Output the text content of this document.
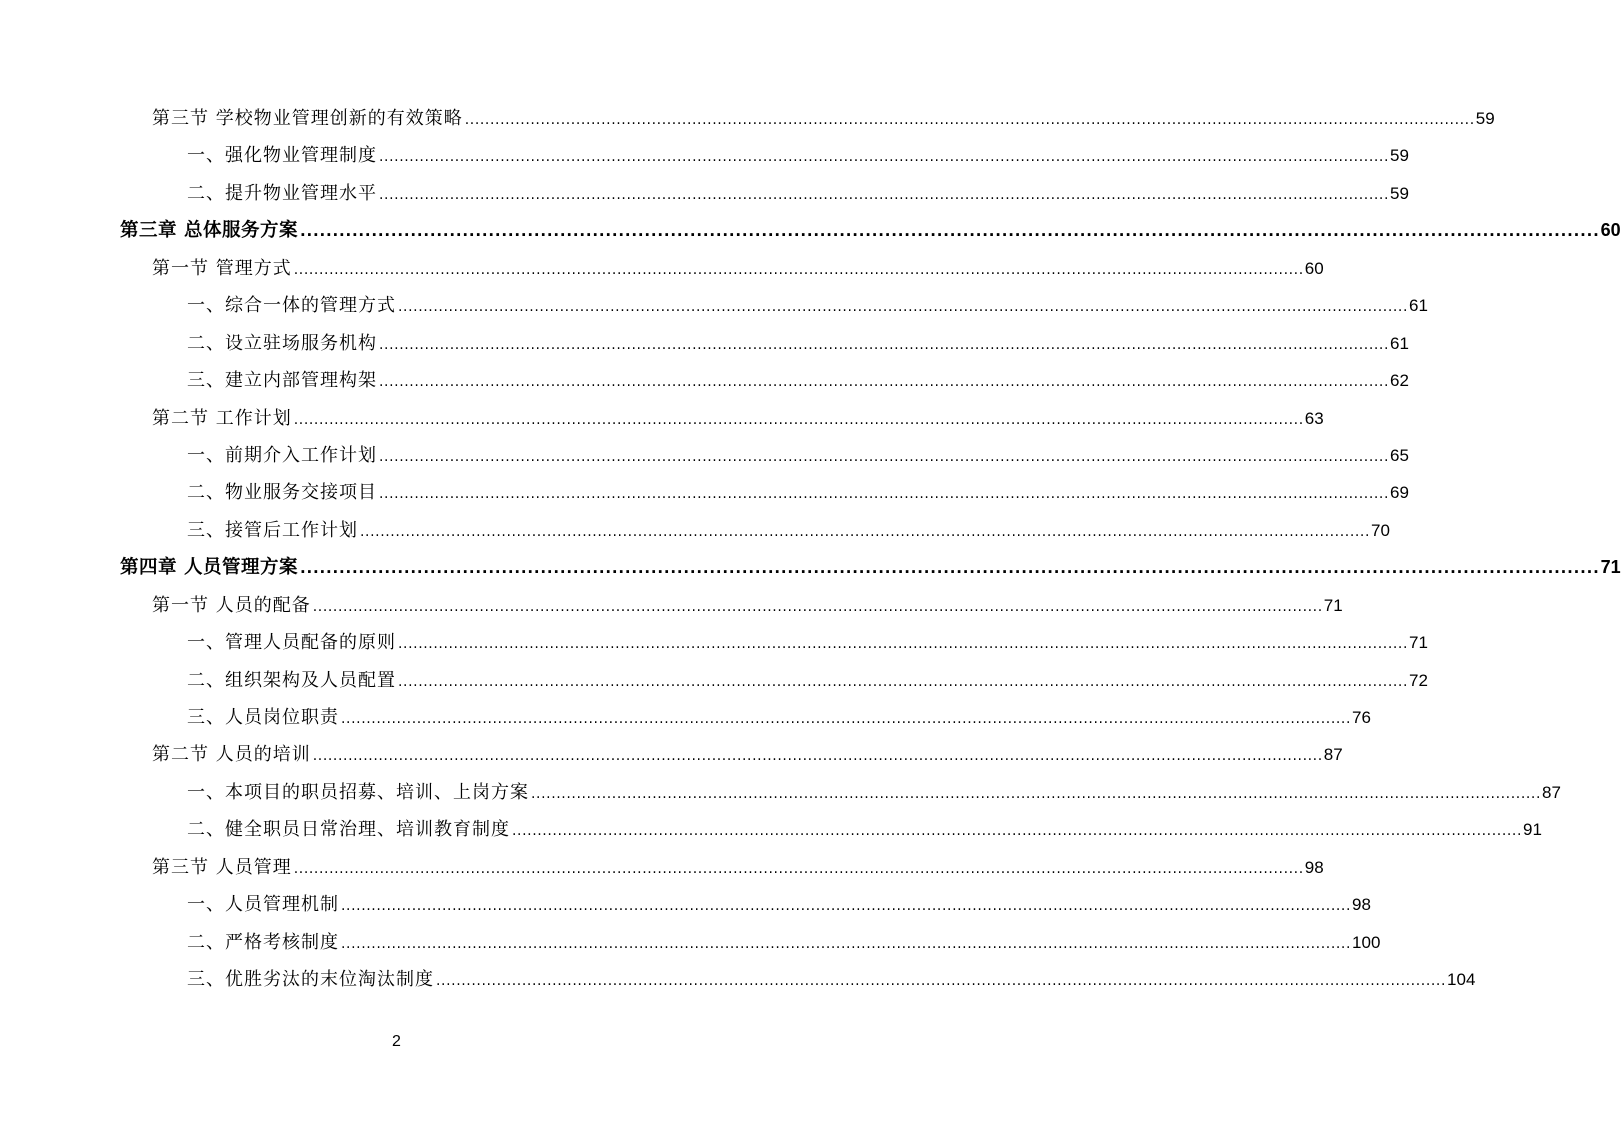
第三节 学校物业管理创新的有效策略 ........................................................................................................................................................................................................ 59
一、强化物业管理制度 ........................................................................................................................................................................................................ 59
二、提升物业管理水平 ........................................................................................................................................................................................................ 59
第三章 总体服务方案 ........................................................................................................................................................................................................ 60
第一节 管理方式 ........................................................................................................................................................................................................ 60
一、综合一体的管理方式 ........................................................................................................................................................................................................ 61
二、设立驻场服务机构 ........................................................................................................................................................................................................ 61
三、建立内部管理构架 ........................................................................................................................................................................................................ 62
第二节 工作计划 ........................................................................................................................................................................................................ 63
一、前期介入工作计划 ........................................................................................................................................................................................................ 65
二、物业服务交接项目 ........................................................................................................................................................................................................ 69
三、接管后工作计划 ........................................................................................................................................................................................................ 70
第四章 人员管理方案 ........................................................................................................................................................................................................ 71
第一节 人员的配备 ........................................................................................................................................................................................................ 71
一、管理人员配备的原则 ........................................................................................................................................................................................................ 71
二、组织架构及人员配置 ........................................................................................................................................................................................................ 72
三、人员岗位职责 ........................................................................................................................................................................................................ 76
第二节 人员的培训 ........................................................................................................................................................................................................ 87
一、本项目的职员招募、培训、上岗方案 ........................................................................................................................................................................................................ 87
二、健全职员日常治理、培训教育制度 ........................................................................................................................................................................................................ 91
第三节 人员管理 ........................................................................................................................................................................................................ 98
一、人员管理机制 ........................................................................................................................................................................................................ 98
二、严格考核制度 ........................................................................................................................................................................................................ 100
三、优胜劣汰的末位淘汰制度 ........................................................................................................................................................................................................ 104
2
